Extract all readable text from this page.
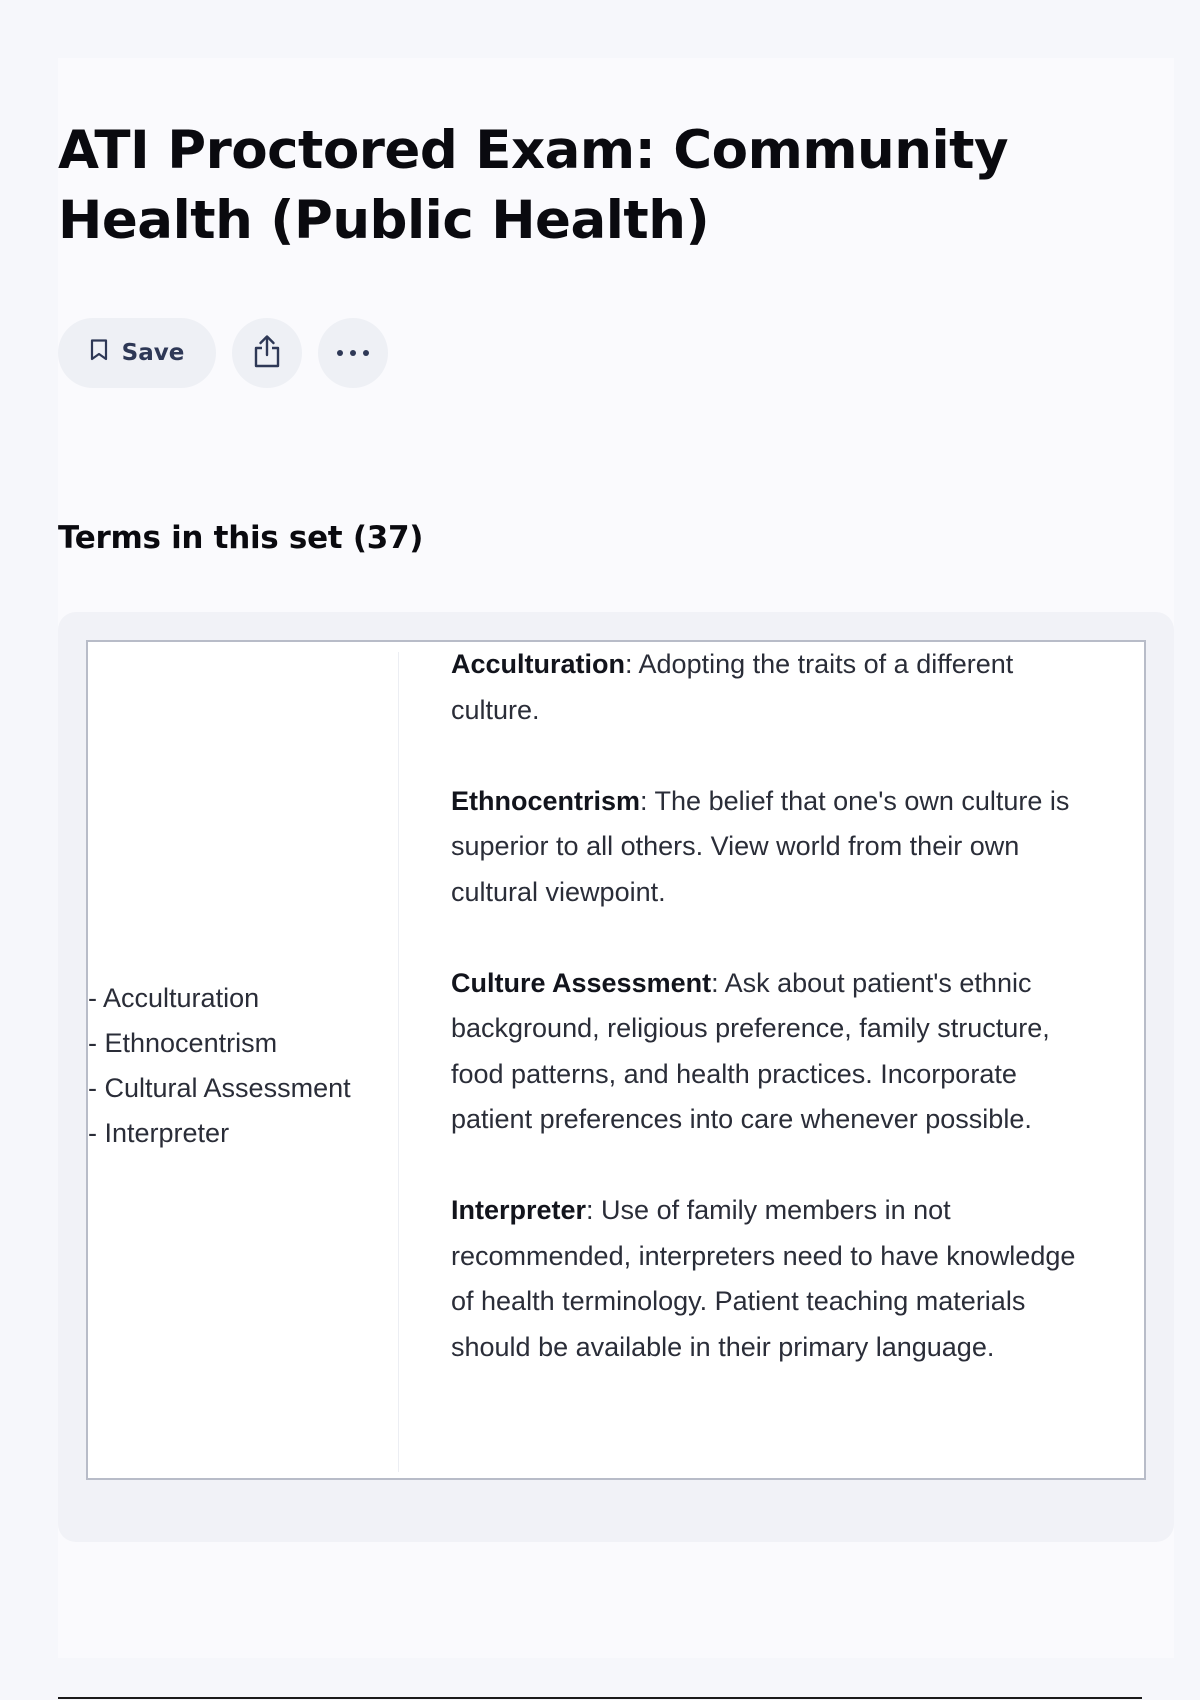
ATI Proctored Exam: Community Health (Public Health)
Save
Terms in this set (37)
- Acculturation
- Ethnocentrism
- Cultural Assessment
- Interpreter

Acculturation: Adopting the traits of a different culture.

Ethnocentrism: The belief that one's own culture is superior to all others. View world from their own cultural viewpoint.

Culture Assessment: Ask about patient's ethnic background, religious preference, family structure, food patterns, and health practices. Incorporate patient preferences into care whenever possible.

Interpreter: Use of family members in not recommended, interpreters need to have knowledge of health terminology. Patient teaching materials should be available in their primary language.
